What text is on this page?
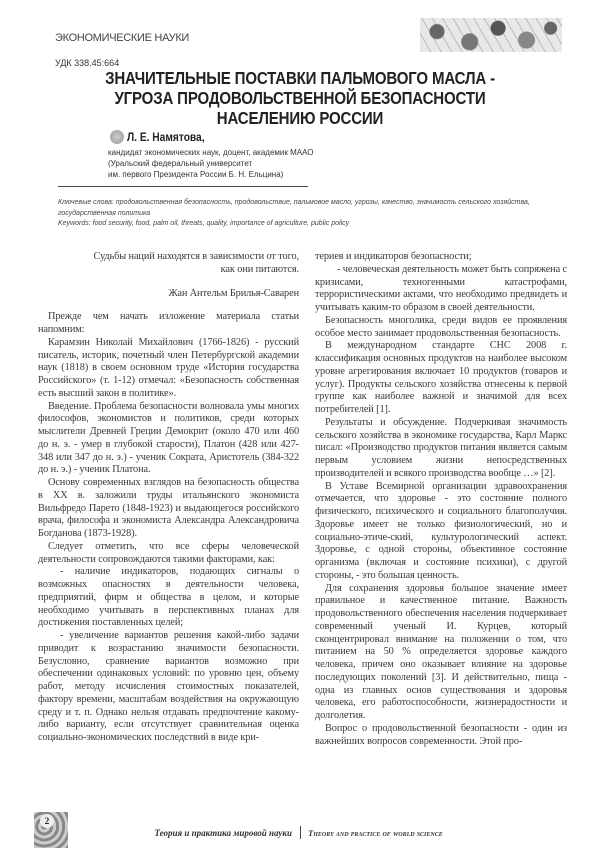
ЭКОНОМИЧЕСКИЕ НАУКИ
УДК 338.45:664
ЗНАЧИТЕЛЬНЫЕ ПОСТАВКИ ПАЛЬМОВОГО МАСЛА -
УГРОЗА ПРОДОВОЛЬСТВЕННОЙ БЕЗОПАСНОСТИ
НАСЕЛЕНИЮ РОССИИ
Л. Е. Намятова,
кандидат экономических наук, доцент, академик МААО
(Уральский федеральный университет
им. первого Президента России Б. Н. Ельцина)
Ключевые слова: продовольственная безопасность, продовольствие, пальмовое масло, угрозы, качество, значимость сельского хозяйства, государственная политика
Keywords: food security, food, palm oil, threats, quality, importance of agriculture, public policy

Судьбы наций находятся в зависимости от того,

как они питаются.

Жан Антельм Брилья-Саварен

Прежде чем начать изложение материала статьи напомним:

Карамзин Николай Михайлович (1766-1826) - русский писатель, историк, почетный член Петербургской академии наук (1818) в своем основном труде «История государства Российского» (т. 1-12) отмечал: «Безопасность собственная есть высший закон в политике».

Введение. Проблема безопасности волновала умы многих философов, экономистов и политиков, среди которых мыслители Древней Греции Демокрит (около 470 или 460 до н. э. - умер в глубокой старости), Платон (428 или 427-348 или 347 до н. э.) - ученик Сократа, Аристотель (384-322 до н. э.) - ученик Платона.

Основу современных взглядов на безопасность общества в XX в. заложили труды итальянского экономиста Вильфредо Парето (1848-1923) и выдающегося российского врача, философа и экономиста Александра Александровича Богданова (1873-1928).

Следует отметить, что все сферы человеческой деятельности сопровождаются такими факторами, как:

- наличие индикаторов, подающих сигналы о возможных опасностях в деятельности человека, предприятий, фирм и общества в целом, и которые необходимо учитывать в перспективных планах для достижения поставленных целей;

- увеличение вариантов решения какой-либо задачи приводит к возрастанию значимости безопасности. Безусловно, сравнение вариантов возможно при обеспечении одинаковых условий: по уровню цен, объему работ, методу исчисления стоимостных показателей, фактору времени, масштабам воздействия на окружающую среду и т. п. Однако нельзя отдавать предпочтение какому-либо варианту, если отсутствует сравнительная оценка социально-экономических последствий в виде кри-

териев и индикаторов безопасности;

- человеческая деятельность может быть сопряжена с кризисами, техногенными катастрофами, террористическими актами, что необходимо предвидеть и учитывать каким-то образом в своей деятельности.

Безопасность многолика, среди видов ее проявления особое место занимает продовольственная безопасность.

В международном стандарте СНС 2008 г. классификация основных продуктов на наиболее высоком уровне агрегирования включает 10 продуктов (товаров и услуг). Продукты сельского хозяйства отнесены к первой группе как наиболее важной и значимой для всех потребителей [1].

Результаты и обсуждение. Подчеркивая значимость сельского хозяйства в экономике государства, Карл Маркс писал: «Производство продуктов питания является самым первым условием жизни непосредственных производителей и всякого производства вообще …» [2].

В Уставе Всемирной организации здравоохранения отмечается, что здоровье - это состояние полного физического, психического и социального благополучия. Здоровье имеет не только физиологический, но и социально-этиче-ский, культурологический аспект. Здоровье, с одной стороны, объективное состояние организма (включая и состояние психики), с другой стороны, - это большая ценность.

Для сохранения здоровья большое значение имеет правильное и качественное питание. Важность продовольственного обеспечения населения подчеркивает современный ученый И. Курцев, который сконцентрировал внимание на положении о том, что питанием на 50 % определяется здоровье каждого человека, причем оно оказывает влияние на здоровье последующих поколений [3]. И действительно, пища - одна из главных основ существования и здоровья человека, его работоспособности, жизнерадостности и долголетия.

Вопрос о продовольственной безопасности - один из важнейших вопросов современности. Этой про-

2
Теория и практика мировой науки Theory and practice of world science
